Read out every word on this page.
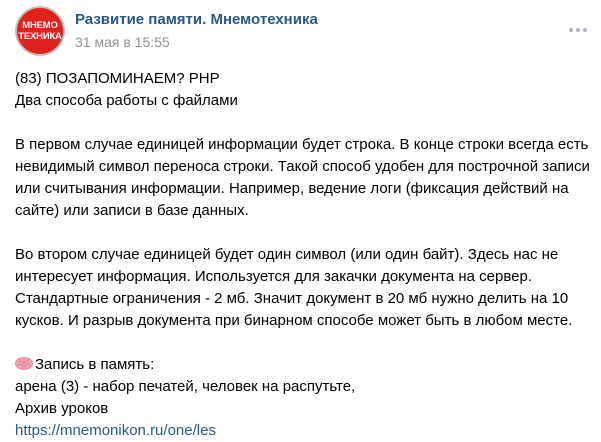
МНЕМО
ТЕХНИКА
Развитие памяти. Мнемотехника
31 мая в 15:55

(83) ПОЗАПОМИНАЕМ? PHP

Два способа работы с файлами

В первом случае единицей информации будет строка. В конце строки всегда есть

невидимый символ переноса строки. Такой способ удобен для построчной записи

или считывания информации. Например, ведение логи (фиксация действий на

сайте) или записи в базе данных.

Во втором случае единицей будет один символ (или один байт). Здесь нас не

интересует информация. Используется для закачки документа на сервер.

Стандартные ограничения - 2 мб. Значит документ в 20 мб нужно делить на 10

кусков. И разрыв документа при бинарном способе может быть в любом месте.

Запись в память:

арена (3) - набор печатей, человек на распутьте,

Архив уроков

https://mnemonikon.ru/one/les
